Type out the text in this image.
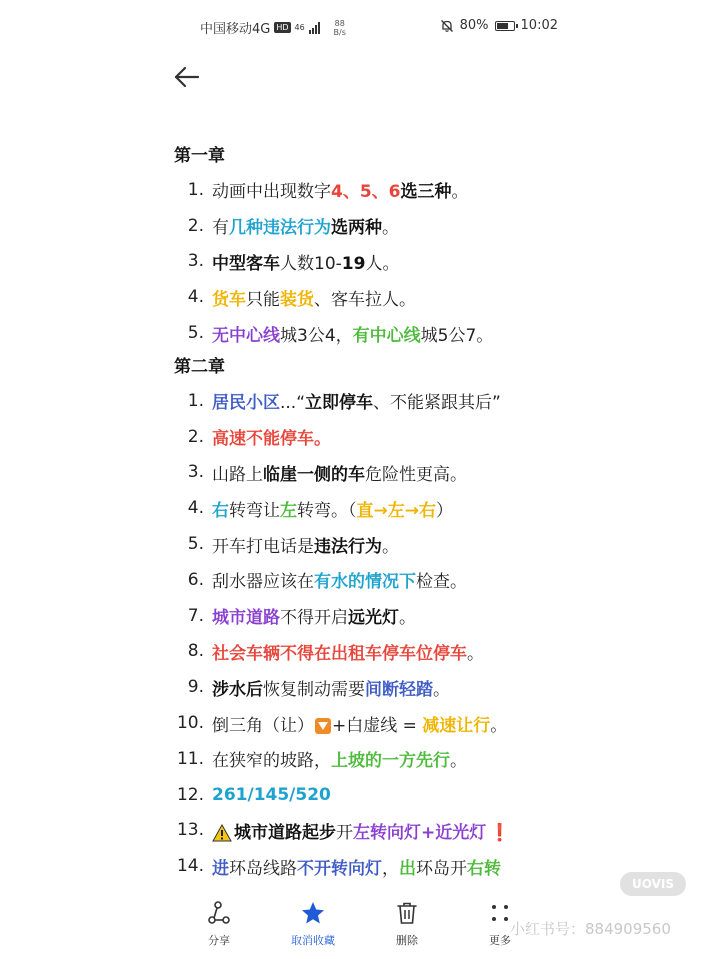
中国移动4G HD 46	88
B/s	80% 10:02
第一章
1. 动画中出现数字4、5、6选三种。
2. 有几种违法行为选两种。
3. 中型客车人数10-19人。
4. 货车只能装货、客车拉人。
5. 无中心线城3公4，有中心线城5公7。
第二章
1. 居民小区...“立即停车、不能紧跟其后”
2. 高速不能停车。
3. 山路上临崖一侧的车危险性更高。
4. 右转弯让左转弯。（直→左→右）
5. 开车打电话是违法行为。
6. 刮水器应该在有水的情况下检查。
7. 城市道路不得开启远光灯。
8. 社会车辆不得在出租车停车位停车。
9. 涉水后恢复制动需要间断轻踏。
10. 倒三角（让） +白虚线 = 减速让行。
11. 在狭窄的坡路，上坡的一方先行。
12. 261/145/520
13.	城市道路起步开左转向灯+近光灯 ❗
14. 进环岛线路不开转向灯，出环岛开右转
UOVIS
小红书号：884909560
分享	取消收藏	删除	更多
